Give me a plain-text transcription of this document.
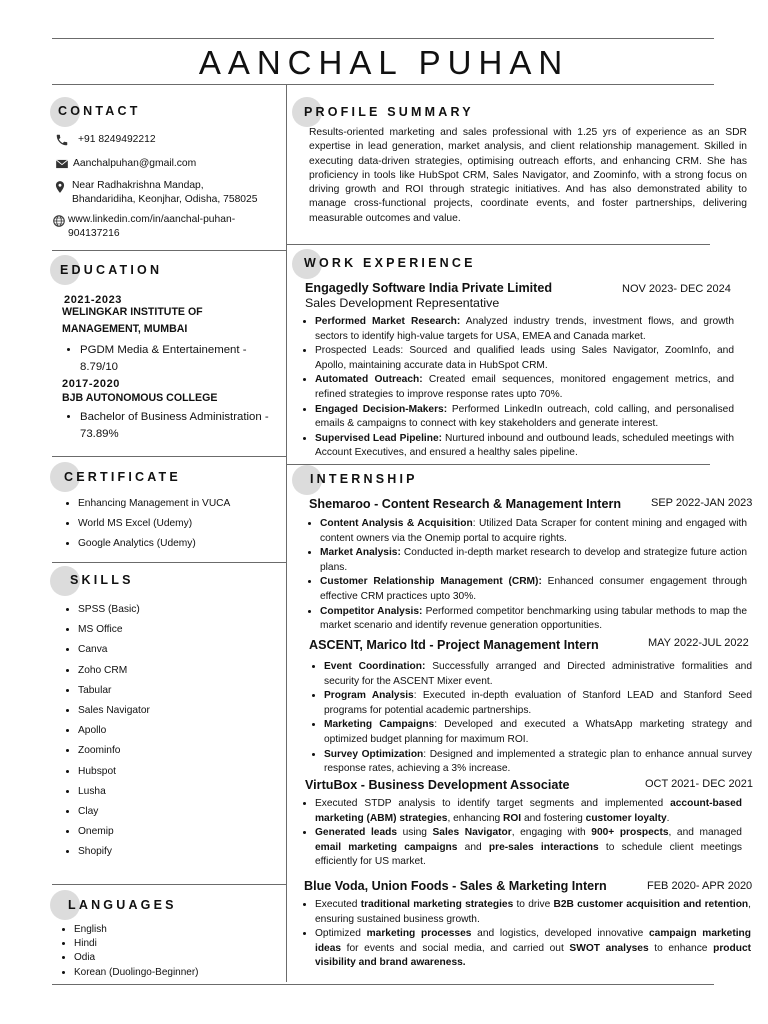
AANCHAL PUHAN
CONTACT
+91 8249492212
Aanchalpuhan@gmail.com
Near Radhakrishna Mandap,
Bhandaridiha, Keonjhar, Odisha, 758025
www.linkedin.com/in/aanchal-puhan-
904137216
EDUCATION
2021-2023
WELINGKAR INSTITUTE OF
MANAGEMENT, MUMBAI
• PGDM Media & Entertainement -
8.79/10
2017-2020
BJB AUTONOMOUS COLLEGE
• Bachelor of Business Administration -
73.89%
CERTIFICATE
• Enhancing Management in VUCA
• World MS Excel (Udemy)
• Google Analytics (Udemy)
SKILLS
• SPSS (Basic)
• MS Office
• Canva
• Zoho CRM
• Tabular
• Sales Navigator
• Apollo
• Zoominfo
• Hubspot
• Lusha
• Clay
• Onemip
• Shopify
LANGUAGES
• English
• Hindi
• Odia
• Korean (Duolingo-Beginner)
PROFILE SUMMARY
Results-oriented marketing and sales professional with 1.25 yrs of experience as an SDR expertise in lead generation, market analysis, and client relationship management. Skilled in executing data-driven strategies, optimising outreach efforts, and enhancing CRM. She has proficiency in tools like HubSpot CRM, Sales Navigator, and Zoominfo, with a strong focus on driving growth and ROI through strategic initiatives. And has also demonstrated ability to manage cross-functional projects, coordinate events, and foster partnerships, delivering measurable outcomes and value.
WORK EXPERIENCE
Engagedly Software India Private Limited	NOV 2023- DEC 2024
Sales Development Representative
• Performed Market Research: Analyzed industry trends, investment flows, and growth sectors to identify high-value targets for USA, EMEA and Canada market.
• Prospected Leads: Sourced and qualified leads using Sales Navigator, ZoomInfo, and Apollo, maintaining accurate data in HubSpot CRM.
• Automated Outreach: Created email sequences, monitored engagement metrics, and refined strategies to improve response rates upto 70%.
• Engaged Decision-Makers: Performed LinkedIn outreach, cold calling, and personalised emails & campaigns to connect with key stakeholders and generate interest.
• Supervised Lead Pipeline: Nurtured inbound and outbound leads, scheduled meetings with Account Executives, and ensured a healthy sales pipeline.
INTERNSHIP
Shemaroo - Content Research & Management Intern	SEP 2022-JAN 2023
• Content Analysis & Acquisition: Utilized Data Scraper for content mining and engaged with content owners via the Onemip portal to acquire rights.
• Market Analysis: Conducted in-depth market research to develop and strategize future action plans.
• Customer Relationship Management (CRM): Enhanced consumer engagement through effective CRM practices upto 30%.
• Competitor Analysis: Performed competitor benchmarking using tabular methods to map the market scenario and identify revenue generation opportunities.
ASCENT, Marico ltd - Project Management Intern	MAY 2022-JUL 2022
• Event Coordination: Successfully arranged and Directed administrative formalities and security for the ASCENT Mixer event.
• Program Analysis: Executed in-depth evaluation of Stanford LEAD and Stanford Seed programs for potential academic partnerships.
• Marketing Campaigns: Developed and executed a WhatsApp marketing strategy and optimized budget planning for maximum ROI.
• Survey Optimization: Designed and implemented a strategic plan to enhance annual survey response rates, achieving a 3% increase.
VirtuBox - Business Development Associate	OCT 2021- DEC 2021
• Executed STDP analysis to identify target segments and implemented account-based marketing (ABM) strategies, enhancing ROI and fostering customer loyalty.
• Generated leads using Sales Navigator, engaging with 900+ prospects, and managed email marketing campaigns and pre-sales interactions to schedule client meetings efficiently for US market.
Blue Voda, Union Foods - Sales & Marketing Intern	FEB 2020- APR 2020
• Executed traditional marketing strategies to drive B2B customer acquisition and retention, ensuring sustained business growth.
• Optimized marketing processes and logistics, developed innovative campaign marketing ideas for events and social media, and carried out SWOT analyses to enhance product visibility and brand awareness.
